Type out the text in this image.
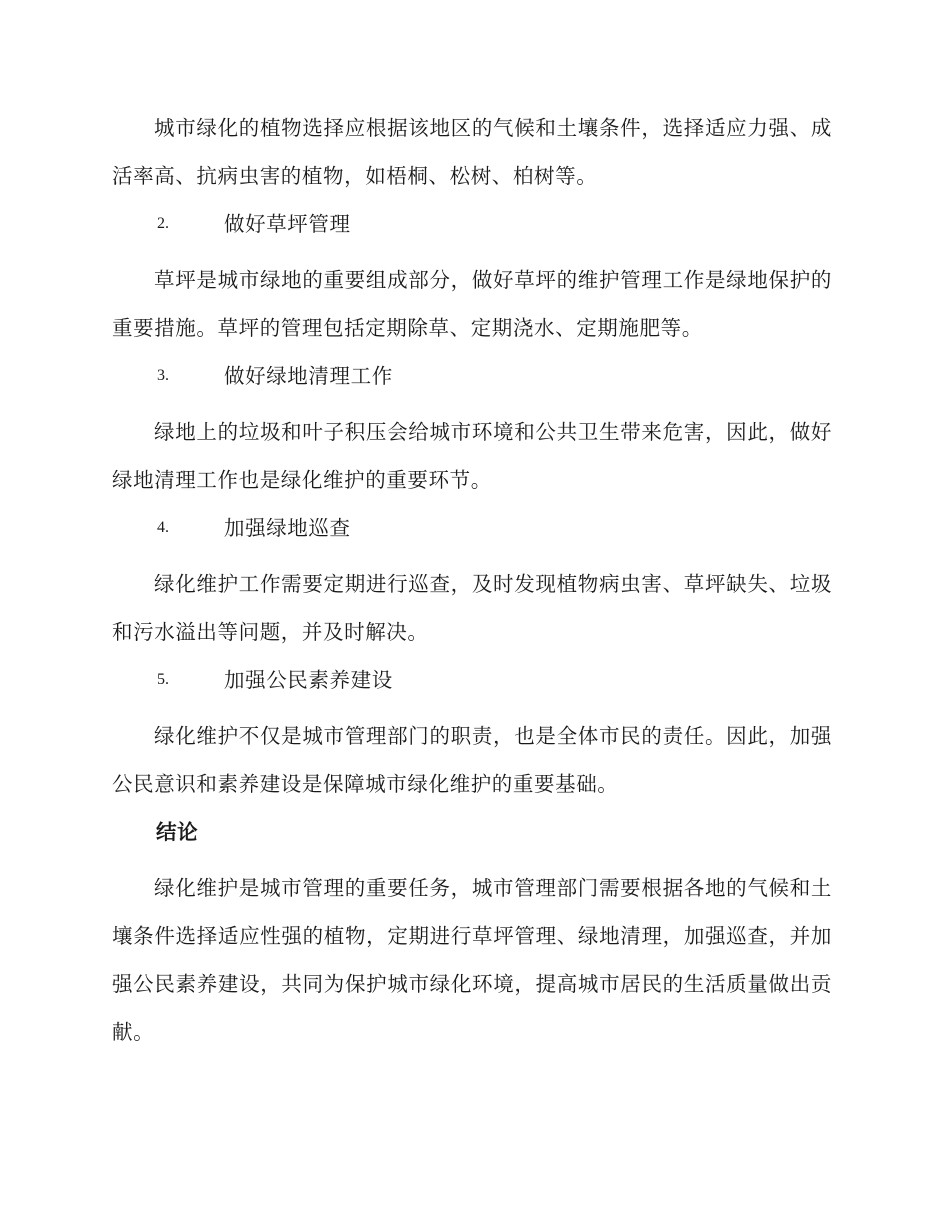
城市绿化的植物选择应根据该地区的气候和土壤条件，选择适应力强、成活率高、抗病虫害的植物，如梧桐、松树、柏树等。

2.	做好草坪管理

草坪是城市绿地的重要组成部分，做好草坪的维护管理工作是绿地保护的重要措施。草坪的管理包括定期除草、定期浇水、定期施肥等。

3.	做好绿地清理工作

绿地上的垃圾和叶子积压会给城市环境和公共卫生带来危害，因此，做好绿地清理工作也是绿化维护的重要环节。

4.	加强绿地巡查

绿化维护工作需要定期进行巡查，及时发现植物病虫害、草坪缺失、垃圾和污水溢出等问题，并及时解决。

5.	加强公民素养建设

绿化维护不仅是城市管理部门的职责，也是全体市民的责任。因此，加强公民意识和素养建设是保障城市绿化维护的重要基础。

结论

绿化维护是城市管理的重要任务，城市管理部门需要根据各地的气候和土壤条件选择适应性强的植物，定期进行草坪管理、绿地清理，加强巡查，并加强公民素养建设，共同为保护城市绿化环境，提高城市居民的生活质量做出贡献。
